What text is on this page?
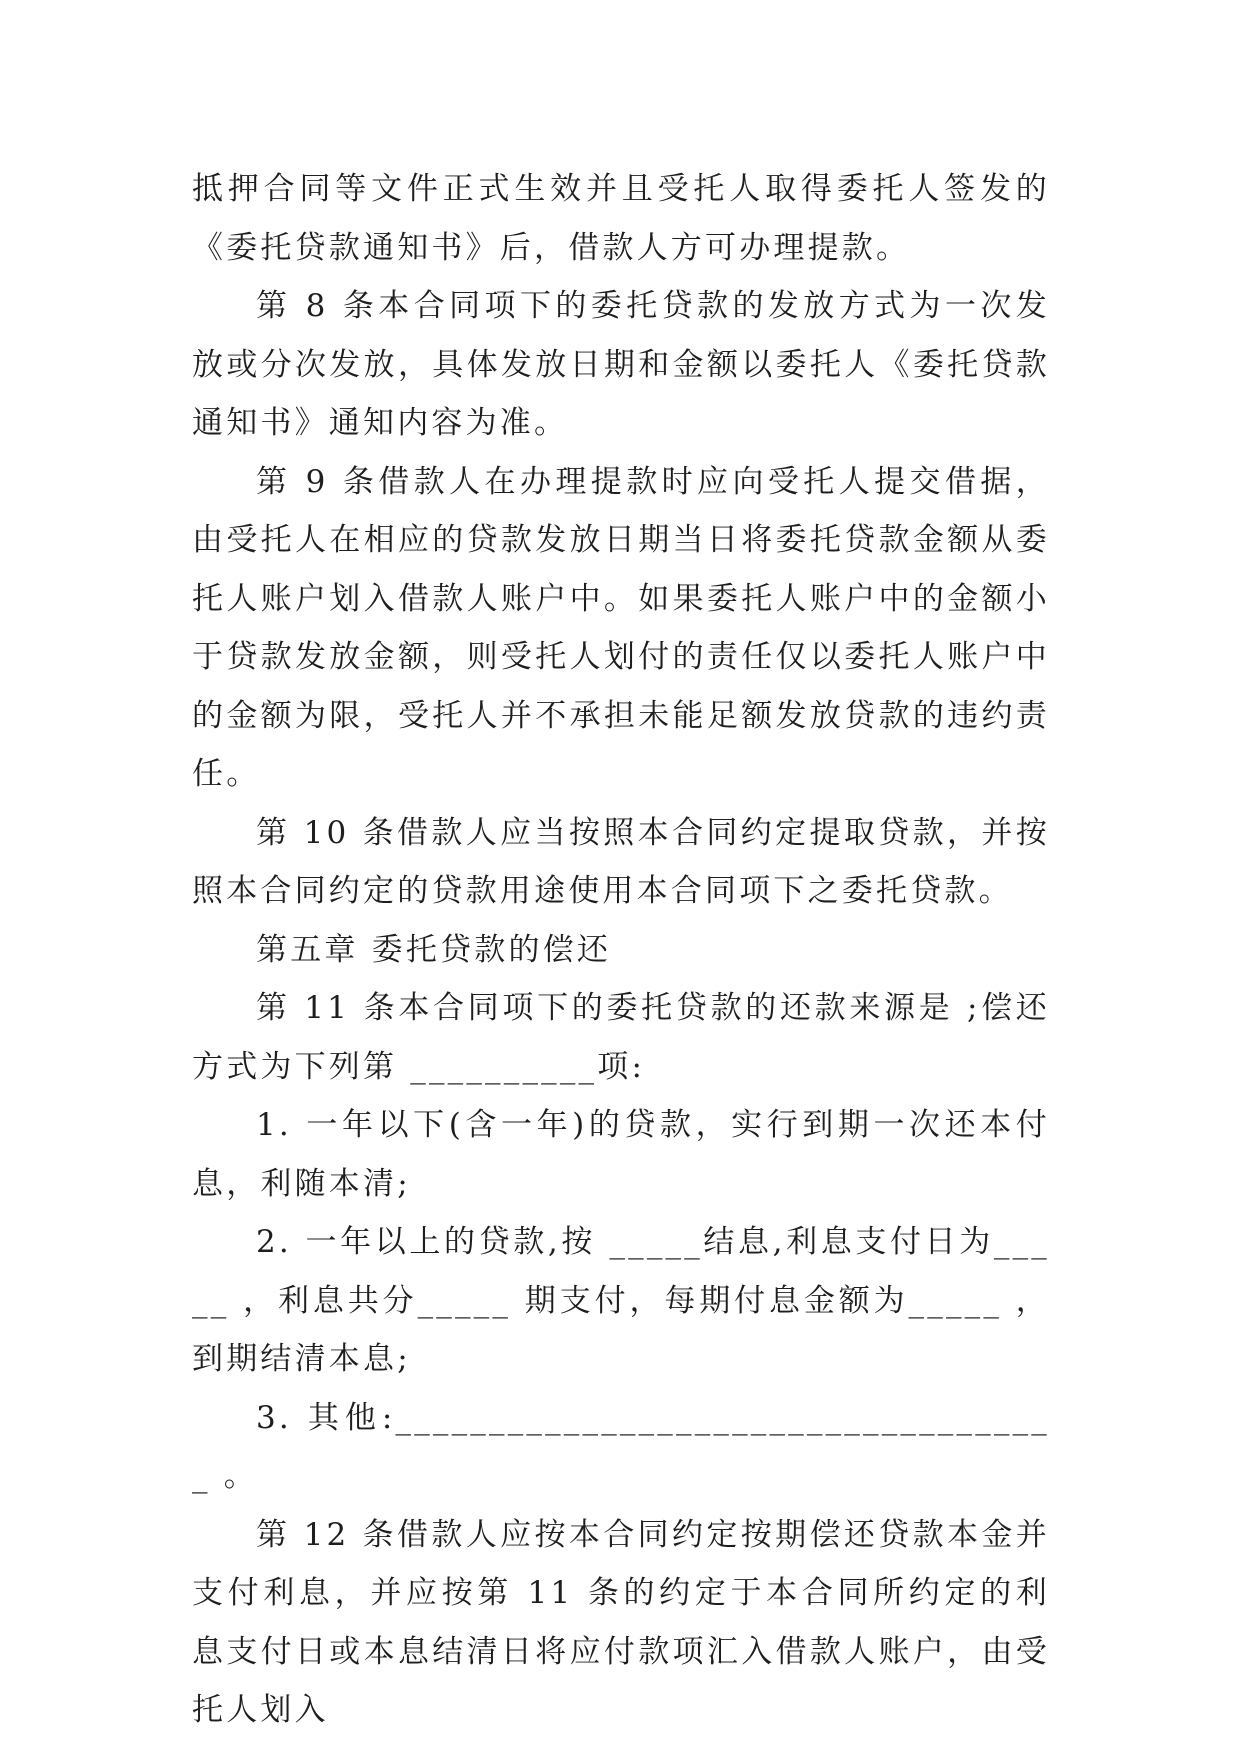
抵押合同等文件正式生效并且受托人取得委托人签发的《委托贷款通知书》后，借款人方可办理提款。

第 8 条本合同项下的委托贷款的发放方式为一次发放或分次发放，具体发放日期和金额以委托人《委托贷款通知书》通知内容为准。

第 9 条借款人在办理提款时应向受托人提交借据，由受托人在相应的贷款发放日期当日将委托贷款金额从委托人账户划入借款人账户中。如果委托人账户中的金额小于贷款发放金额，则受托人划付的责任仅以委托人账户中的金额为限，受托人并不承担未能足额发放贷款的违约责任。

第 10 条借款人应当按照本合同约定提取贷款，并按照本合同约定的贷款用途使用本合同项下之委托贷款。

第五章 委托贷款的偿还

第 11 条本合同项下的委托贷款的还款来源是 ;偿还方式为下列第 __________项:

1. 一年以下(含一年)的贷款，实行到期一次还本付息，利随本清;

2. 一年以上的贷款,按 _____结息,利息支付日为_____ ，利息共分_____ 期支付，每期付息金额为_____ ，到期结清本息;

3. 其他:____________________________________ 。

第 12 条借款人应按本合同约定按期偿还贷款本金并支付利息，并应按第 11 条的约定于本合同所约定的利息支付日或本息结清日将应付款项汇入借款人账户，由受托人划入
